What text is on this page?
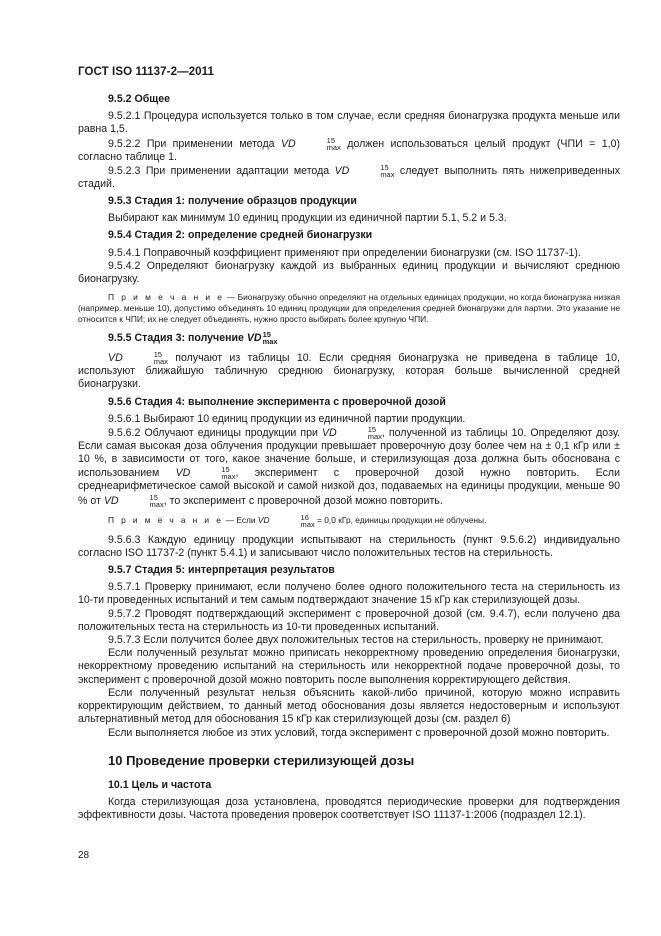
ГОСТ ISO 11137-2—2011

9.5.2 Общее

9.5.2.1 Процедура используется только в том случае, если средняя бионагрузка продукта меньше или равна 1,5.

9.5.2.2 При применении метода VD	15
max должен использоваться целый продукт (ЧПИ = 1,0) согласно таблице 1.

9.5.2.3 При применении адаптации метода VD	15
max следует выполнить пять нижеприведенных стадий.

9.5.3 Стадия 1: получение образцов продукции

Выбирают как минимум 10 единиц продукции из единичной партии 5.1, 5.2 и 5.3.

9.5.4 Стадия 2: определение средней бионагрузки

9.5.4.1 Поправочный коэффициент применяют при определении бионагрузки (см. ISO 11737-1).

9.5.4.2 Определяют бионагрузку каждой из выбранных единиц продукции и вычисляют среднюю бионагрузку.

П р и м е ч а н и е — Бионагрузку обычно определяют на отдельных единицах продукции, но когда бионагрузка низкая (например. меньше 10), допустимо объединять 10 единиц продукции для определения средней бионагрузки для партии. Это указание не относится к ЧПИ; их не следует объединять, нужно просто выбирать более крупную ЧПИ.

9.5.5 Стадия 3: получение VD 15
max

VD	15
max получают из таблицы 10. Если средняя бионагрузка не приведена в таблице 10, используют ближайшую табличную среднюю бионагрузку, которая больше вычисленной средней бионагрузки.

9.5.6 Стадия 4: выполнение эксперимента с проверочной дозой

9.5.6.1 Выбирают 10 единиц продукции из единичной партии продукции.

9.5.6.2 Облучают единицы продукции при VD	15
max , полученной из таблицы 10. Определяют дозу. Если самая высокая доза облучения продукции превышает проверочную дозу более чем на ± 0,1 кГр или ± 10 %, в зависимости от того, какое значение больше, и стерилизующая доза должна быть обоснована с использованием VD	15
max , эксперимент с проверочной дозой нужно повторить. Если среднеарифметическое самой высокой и самой низкой доз, подаваемых на единицы продукции, меньше 90 % от VD	15
max , то эксперимент с проверочной дозой можно повторить.

П р и м е ч а н и е — Если VD	16
max = 0,0 кГр, единицы продукции не облучены.

9.5.6.3 Каждую единицу продукции испытывают на стерильность (пункт 9.5.6.2) индивидуально согласно ISO 11737-2 (пункт 5.4.1) и записывают число положительных тестов на стерильность.

9.5.7 Стадия 5: интерпретация результатов

9.5.7.1 Проверку принимают, если получено более одного положительного теста на стерильность из 10-ти проведенных испытаний и тем самым подтверждают значение 15 кГр как стерилизующей дозы.

9.5.7.2 Проводят подтверждающий эксперимент с проверочной дозой (см. 9.4.7), если получено два положительных теста на стерильность из 10-ти проведенных испытаний.

9.5.7.3 Если получится более двух положительных тестов на стерильность, проверку не принимают.

Если полученный результат можно приписать некорректному проведению определения бионагрузки, некорректному проведению испытаний на стерильность или некорректной подаче проверочной дозы, то эксперимент с проверочной дозой можно повторить после выполнения корректирующего действия.

Если полученный результат нельзя объяснить какой-либо причиной, которую можно исправить корректирующим действием, то данный метод обоснования дозы является недостоверным и используют альтернативный метод для обоснования 15 кГр как стерилизующей дозы (см. раздел 6)

Если выполняется любое из этих условий, тогда эксперимент с проверочной дозой можно повторить.

10 Проведение проверки стерилизующей дозы

10.1 Цель и частота

Когда стерилизующая доза установлена, проводятся периодические проверки для подтверждения эффективности дозы. Частота проведения проверок соответствует ISO 11137-1:2006 (подраздел 12.1).

28
